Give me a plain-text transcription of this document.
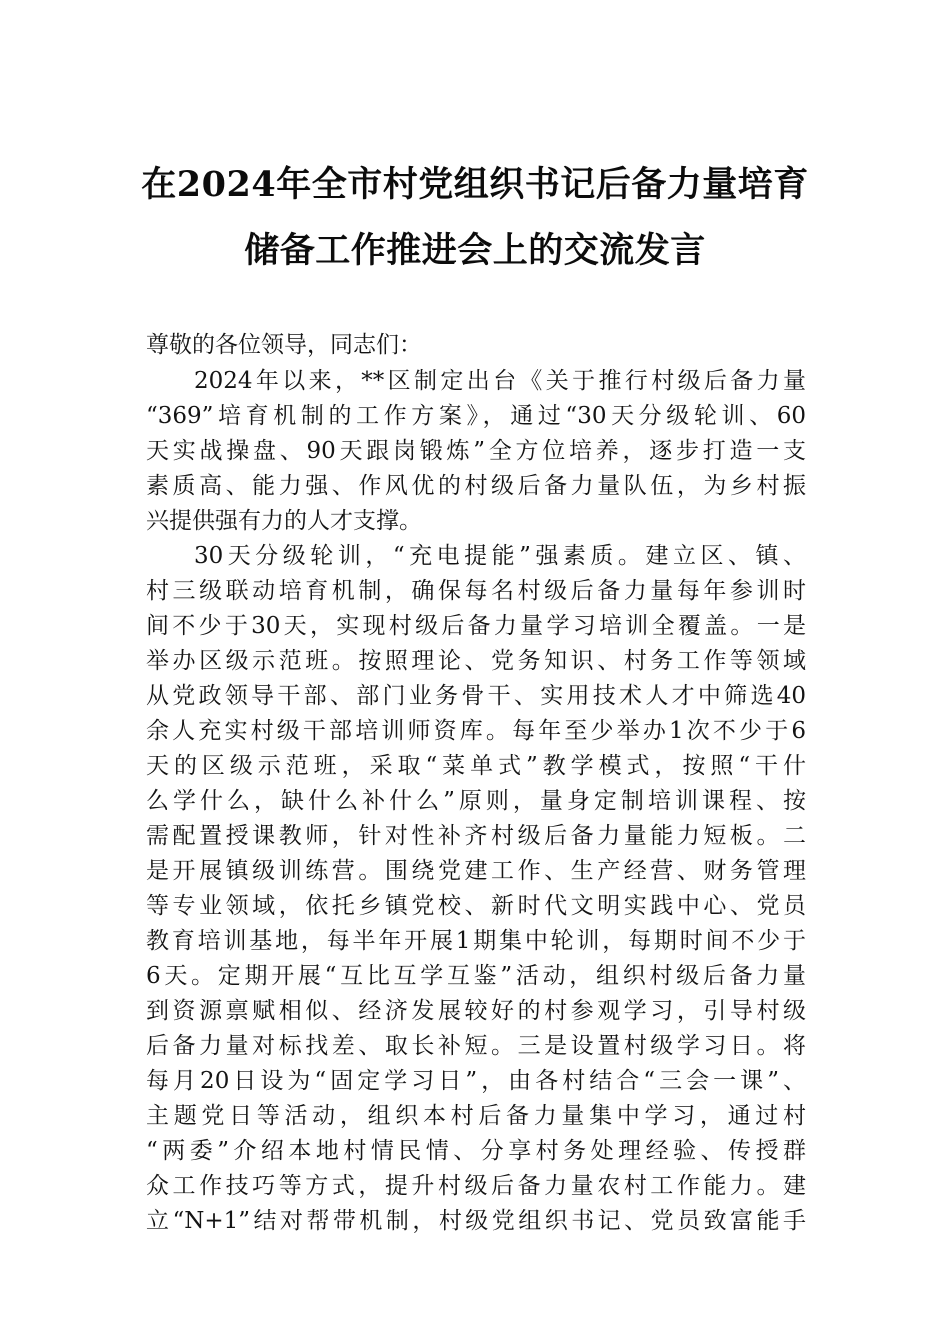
在2024年全市村党组织书记后备力量培育
储备工作推进会上的交流发言
尊敬的各位领导，同志们：
2024年以来，**区制定出台《关于推行村级后备力量
“369”培育机制的工作方案》，通过“30天分级轮训、60
天实战操盘、90天跟岗锻炼”全方位培养，逐步打造一支
素质高、能力强、作风优的村级后备力量队伍，为乡村振
兴提供强有力的人才支撑。
30天分级轮训，“充电提能”强素质。建立区、镇、
村三级联动培育机制，确保每名村级后备力量每年参训时
间不少于30天，实现村级后备力量学习培训全覆盖。一是
举办区级示范班。按照理论、党务知识、村务工作等领域
从党政领导干部、部门业务骨干、实用技术人才中筛选40
余人充实村级干部培训师资库。每年至少举办1次不少于6
天的区级示范班，采取“菜单式”教学模式，按照“干什
么学什么，缺什么补什么”原则，量身定制培训课程、按
需配置授课教师，针对性补齐村级后备力量能力短板。二
是开展镇级训练营。围绕党建工作、生产经营、财务管理
等专业领域，依托乡镇党校、新时代文明实践中心、党员
教育培训基地，每半年开展1期集中轮训，每期时间不少于
6天。定期开展“互比互学互鉴”活动，组织村级后备力量
到资源禀赋相似、经济发展较好的村参观学习，引导村级
后备力量对标找差、取长补短。三是设置村级学习日。将
每月20日设为“固定学习日”，由各村结合“三会一课”、
主题党日等活动，组织本村后备力量集中学习，通过村
“两委”介绍本地村情民情、分享村务处理经验、传授群
众工作技巧等方式，提升村级后备力量农村工作能力。建
立“N+1”结对帮带机制，村级党组织书记、党员致富能手
